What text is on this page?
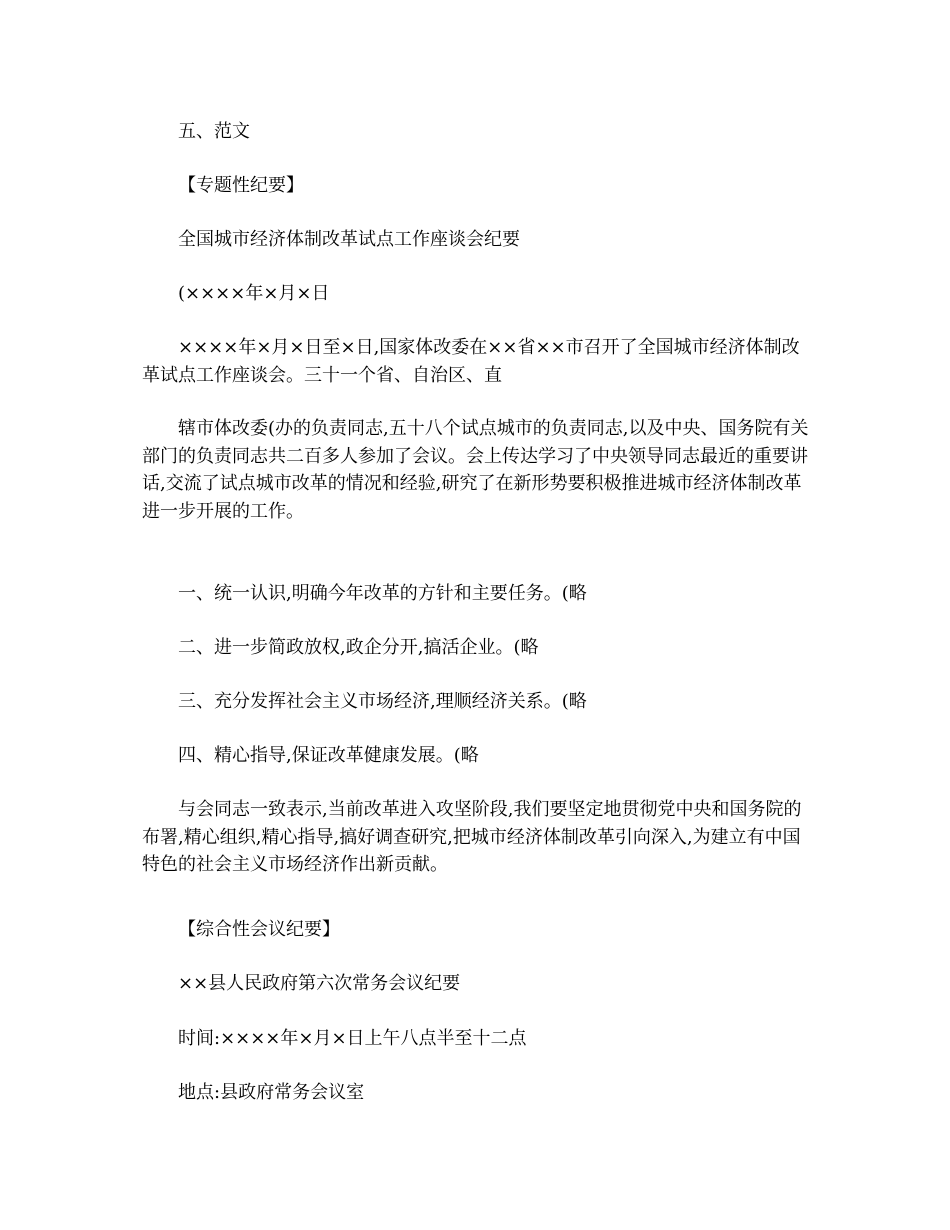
五、范文

【专题性纪要】

全国城市经济体制改革试点工作座谈会纪要

(××××年×月×日

××××年×月×日至×日,国家体改委在××省××市召开了全国城市经济体制改革试点工作座谈会。三十一个省、自治区、直

辖市体改委(办的负责同志,五十八个试点城市的负责同志,以及中央、国务院有关部门的负责同志共二百多人参加了会议。会上传达学习了中央领导同志最近的重要讲话,交流了试点城市改革的情况和经验,研究了在新形势要积极推进城市经济体制改革进一步开展的工作。

一、统一认识,明确今年改革的方针和主要任务。(略

二、进一步简政放权,政企分开,搞活企业。(略

三、充分发挥社会主义市场经济,理顺经济关系。(略

四、精心指导,保证改革健康发展。(略

与会同志一致表示,当前改革进入攻坚阶段,我们要坚定地贯彻党中央和国务院的布署,精心组织,精心指导,搞好调查研究,把城市经济体制改革引向深入,为建立有中国特色的社会主义市场经济作出新贡献。

【综合性会议纪要】

××县人民政府第六次常务会议纪要

时间:××××年×月×日上午八点半至十二点

地点:县政府常务会议室
